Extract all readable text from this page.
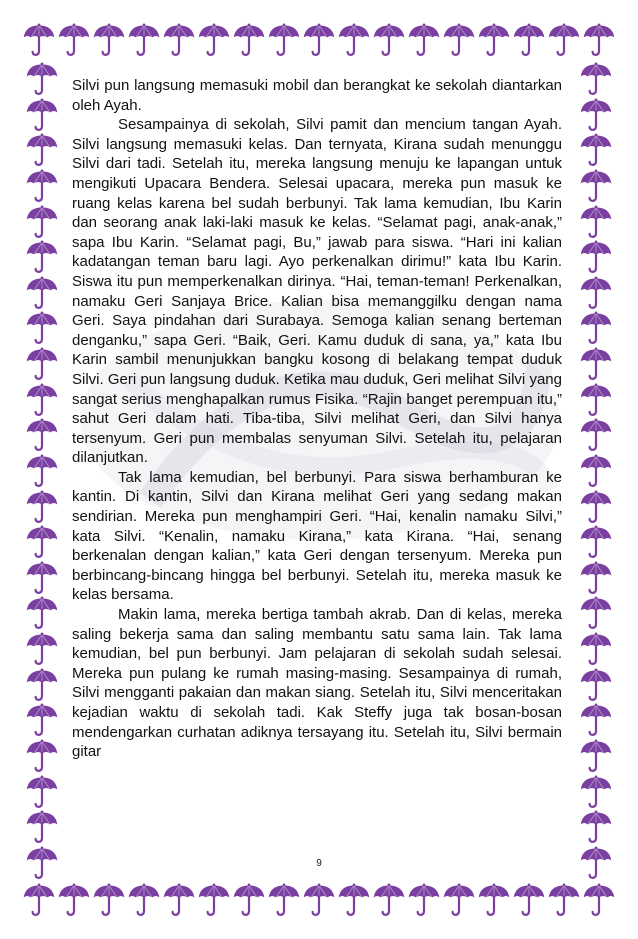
Silvi pun langsung memasuki mobil dan berangkat ke sekolah diantarkan oleh Ayah.

Sesampainya di sekolah, Silvi pamit dan mencium tangan Ayah. Silvi langsung memasuki kelas. Dan ternyata, Kirana sudah menunggu Silvi dari tadi. Setelah itu, mereka langsung menuju ke lapangan untuk mengikuti Upacara Bendera. Selesai upacara, mereka pun masuk ke ruang kelas karena bel sudah berbunyi. Tak lama kemudian, Ibu Karin dan seorang anak laki-laki masuk ke kelas. “Selamat pagi, anak-anak,” sapa Ibu Karin. “Selamat pagi, Bu,” jawab para siswa. “Hari ini kalian kadatangan teman baru lagi. Ayo perkenalkan dirimu!” kata Ibu Karin. Siswa itu pun memperkenalkan dirinya. “Hai, teman-teman! Perkenalkan, namaku Geri Sanjaya Brice. Kalian bisa memanggilku dengan nama Geri. Saya pindahan dari Surabaya. Semoga kalian senang berteman denganku,” sapa Geri. “Baik, Geri. Kamu duduk di sana, ya,” kata Ibu Karin sambil menunjukkan bangku kosong di belakang tempat duduk Silvi. Geri pun langsung duduk. Ketika mau duduk, Geri melihat Silvi yang sangat serius menghapalkan rumus Fisika. “Rajin banget perempuan itu,” sahut Geri dalam hati. Tiba-tiba, Silvi melihat Geri, dan Silvi hanya tersenyum. Geri pun membalas senyuman Silvi. Setelah itu, pelajaran dilanjutkan.

Tak lama kemudian, bel berbunyi. Para siswa berhamburan ke kantin. Di kantin, Silvi dan Kirana melihat Geri yang sedang makan sendirian. Mereka pun menghampiri Geri. “Hai, kenalin namaku Silvi,” kata Silvi. “Kenalin, namaku Kirana,” kata Kirana. “Hai, senang berkenalan dengan kalian,” kata Geri dengan tersenyum. Mereka pun berbincang-bincang hingga bel berbunyi. Setelah itu, mereka masuk ke kelas bersama.

Makin lama, mereka bertiga tambah akrab. Dan di kelas, mereka saling bekerja sama dan saling membantu satu sama lain. Tak lama kemudian, bel pun berbunyi. Jam pelajaran di sekolah sudah selesai. Mereka pun pulang ke rumah masing-masing. Sesampainya di rumah, Silvi mengganti pakaian dan makan siang. Setelah itu, Silvi menceritakan kejadian waktu di sekolah tadi. Kak Steffy juga tak bosan-bosan mendengarkan curhatan adiknya tersayang itu. Setelah itu, Silvi bermain gitar

9
